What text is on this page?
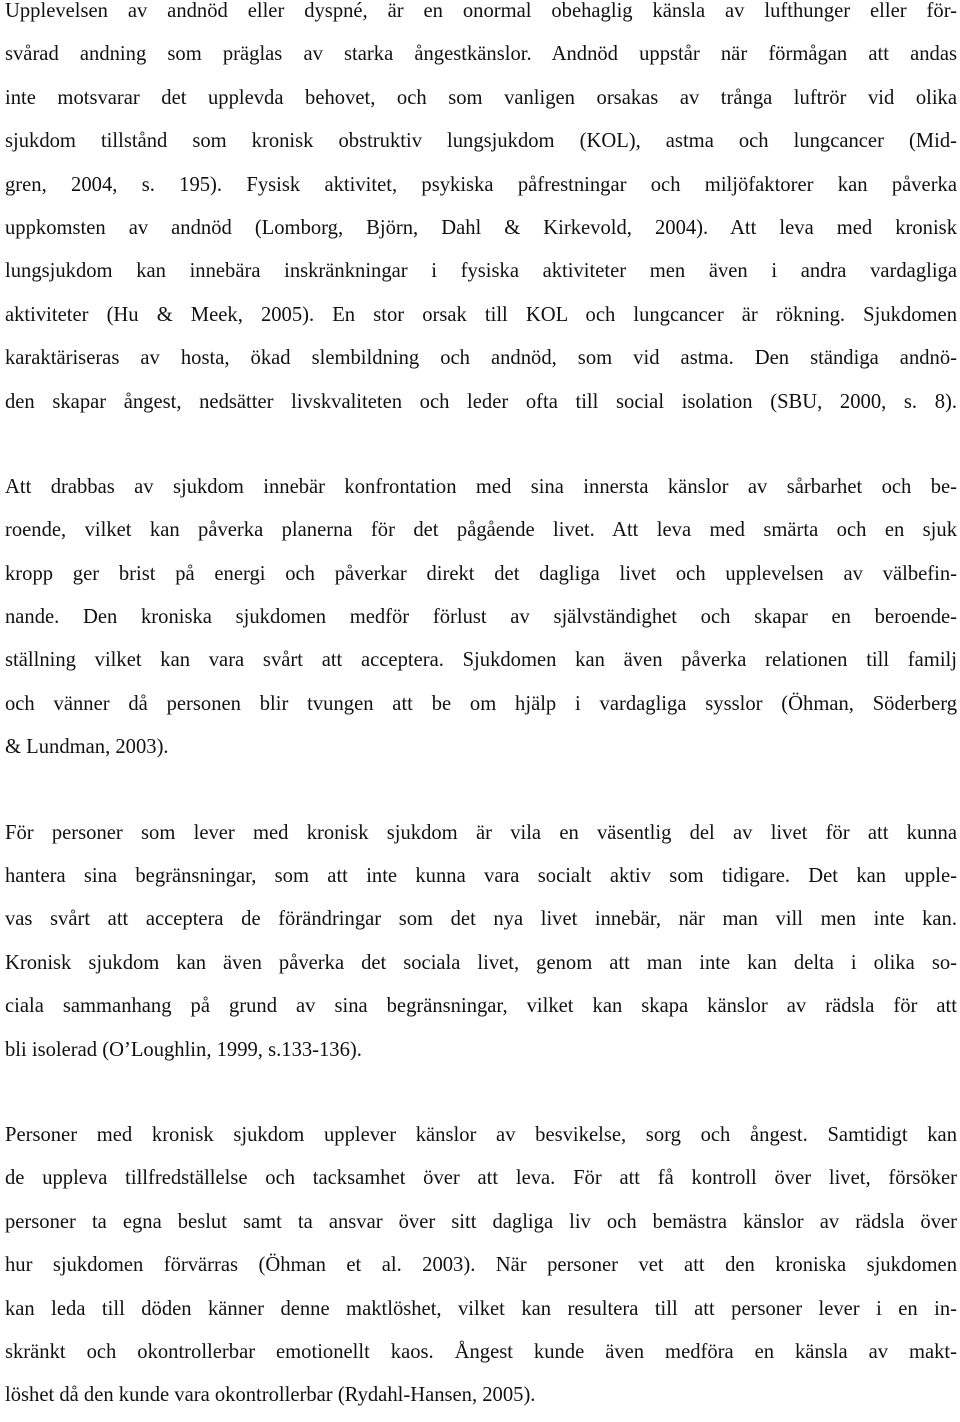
Upplevelsen av andnöd eller dyspné, är en onormal obehaglig känsla av lufthunger eller för-
svårad andning som präglas av starka ångestkänslor. Andnöd uppstår när förmågan att andas
inte motsvarar det upplevda behovet, och som vanligen orsakas av trånga luftrör vid olika
sjukdom tillstånd som kronisk obstruktiv lungsjukdom (KOL), astma och lungcancer (Mid-
gren, 2004, s. 195). Fysisk aktivitet, psykiska påfrestningar och miljöfaktorer kan påverka
uppkomsten av andnöd (Lomborg, Björn, Dahl & Kirkevold, 2004). Att leva med kronisk
lungsjukdom kan innebära inskränkningar i fysiska aktiviteter men även i andra vardagliga
aktiviteter (Hu & Meek, 2005). En stor orsak till KOL och lungcancer är rökning. Sjukdomen
karaktäriseras av hosta, ökad slembildning och andnöd, som vid astma. Den ständiga andnö-
den skapar ångest, nedsätter livskvaliteten och leder ofta till social isolation (SBU, 2000, s. 8).
Att drabbas av sjukdom innebär konfrontation med sina innersta känslor av sårbarhet och be-
roende, vilket kan påverka planerna för det pågående livet. Att leva med smärta och en sjuk
kropp ger brist på energi och påverkar direkt det dagliga livet och upplevelsen av välbefin-
nande. Den kroniska sjukdomen medför förlust av självständighet och skapar en beroende-
ställning vilket kan vara svårt att acceptera. Sjukdomen kan även påverka relationen till familj
och vänner då personen blir tvungen att be om hjälp i vardagliga sysslor (Öhman, Söderberg
& Lundman, 2003).
För personer som lever med kronisk sjukdom är vila en väsentlig del av livet för att kunna
hantera sina begränsningar, som att inte kunna vara socialt aktiv som tidigare. Det kan upple-
vas svårt att acceptera de förändringar som det nya livet innebär, när man vill men inte kan.
Kronisk sjukdom kan även påverka det sociala livet, genom att man inte kan delta i olika so-
ciala sammanhang på grund av sina begränsningar, vilket kan skapa känslor av rädsla för att
bli isolerad (O’Loughlin, 1999, s.133-136).
Personer med kronisk sjukdom upplever känslor av besvikelse, sorg och ångest. Samtidigt kan
de uppleva tillfredställelse och tacksamhet över att leva. För att få kontroll över livet, försöker
personer ta egna beslut samt ta ansvar över sitt dagliga liv och bemästra känslor av rädsla över
hur sjukdomen förvärras (Öhman et al. 2003). När personer vet att den kroniska sjukdomen
kan leda till döden känner denne maktlöshet, vilket kan resultera till att personer lever i en in-
skränkt och okontrollerbar emotionellt kaos. Ångest kunde även medföra en känsla av makt-
löshet då den kunde vara okontrollerbar (Rydahl-Hansen, 2005).
